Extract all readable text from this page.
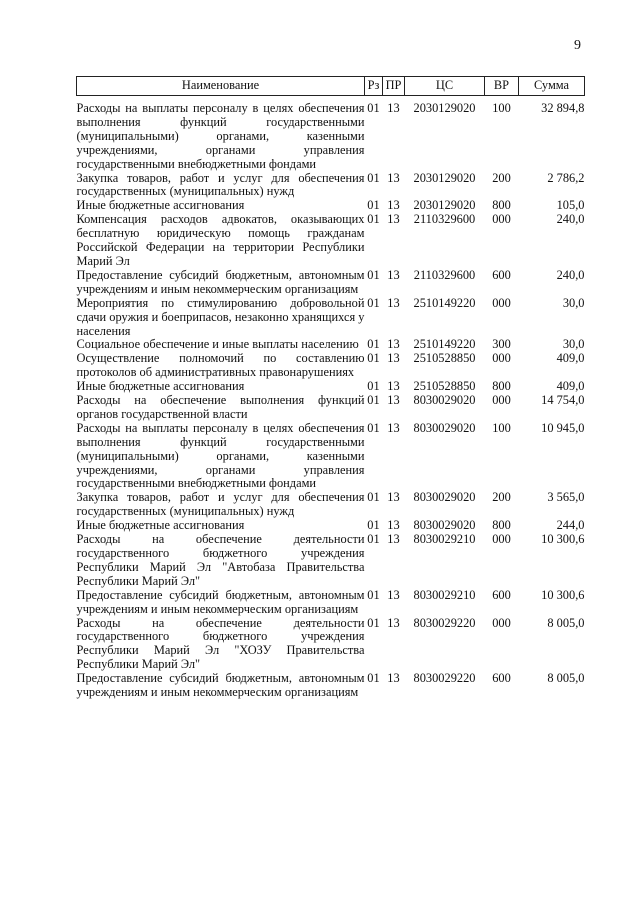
9
Наименование	Рз	ПР	ЦС	ВР	Сумма
Расходы на выплаты персоналу в целях обеспечения выполнения функций государственными (муниципальными) органами, казенными учреждениями, органами управления государственными внебюджетными фондами	01	13	2030129020	100	32 894,8
Закупка товаров, работ и услуг для обеспечения государственных (муниципальных) нужд	01	13	2030129020	200	2 786,2
Иные бюджетные ассигнования	01	13	2030129020	800	105,0
Компенсация расходов адвокатов, оказывающих бесплатную юридическую помощь гражданам Российской Федерации на территории Республики Марий Эл	01	13	2110329600	000	240,0
Предоставление субсидий бюджетным, автономным учреждениям и иным некоммерческим организациям	01	13	2110329600	600	240,0
Мероприятия по стимулированию добровольной сдачи оружия и боеприпасов, незаконно хранящихся у населения	01	13	2510149220	000	30,0
Социальное обеспечение и иные выплаты населению	01	13	2510149220	300	30,0
Осуществление полномочий по составлению протоколов об административных правонарушениях	01	13	2510528850	000	409,0
Иные бюджетные ассигнования	01	13	2510528850	800	409,0
Расходы на обеспечение выполнения функций органов государственной власти	01	13	8030029020	000	14 754,0
Расходы на выплаты персоналу в целях обеспечения выполнения функций государственными (муниципальными) органами, казенными учреждениями, органами управления государственными внебюджетными фондами	01	13	8030029020	100	10 945,0
Закупка товаров, работ и услуг для обеспечения государственных (муниципальных) нужд	01	13	8030029020	200	3 565,0
Иные бюджетные ассигнования	01	13	8030029020	800	244,0
Расходы на обеспечение деятельности государственного бюджетного учреждения Республики Марий Эл "Автобаза Правительства Республики Марий Эл"	01	13	8030029210	000	10 300,6
Предоставление субсидий бюджетным, автономным учреждениям и иным некоммерческим организациям	01	13	8030029210	600	10 300,6
Расходы на обеспечение деятельности государственного бюджетного учреждения Республики Марий Эл "ХОЗУ Правительства Республики Марий Эл"	01	13	8030029220	000	8 005,0
Предоставление субсидий бюджетным, автономным учреждениям и иным некоммерческим организациям	01	13	8030029220	600	8 005,0
